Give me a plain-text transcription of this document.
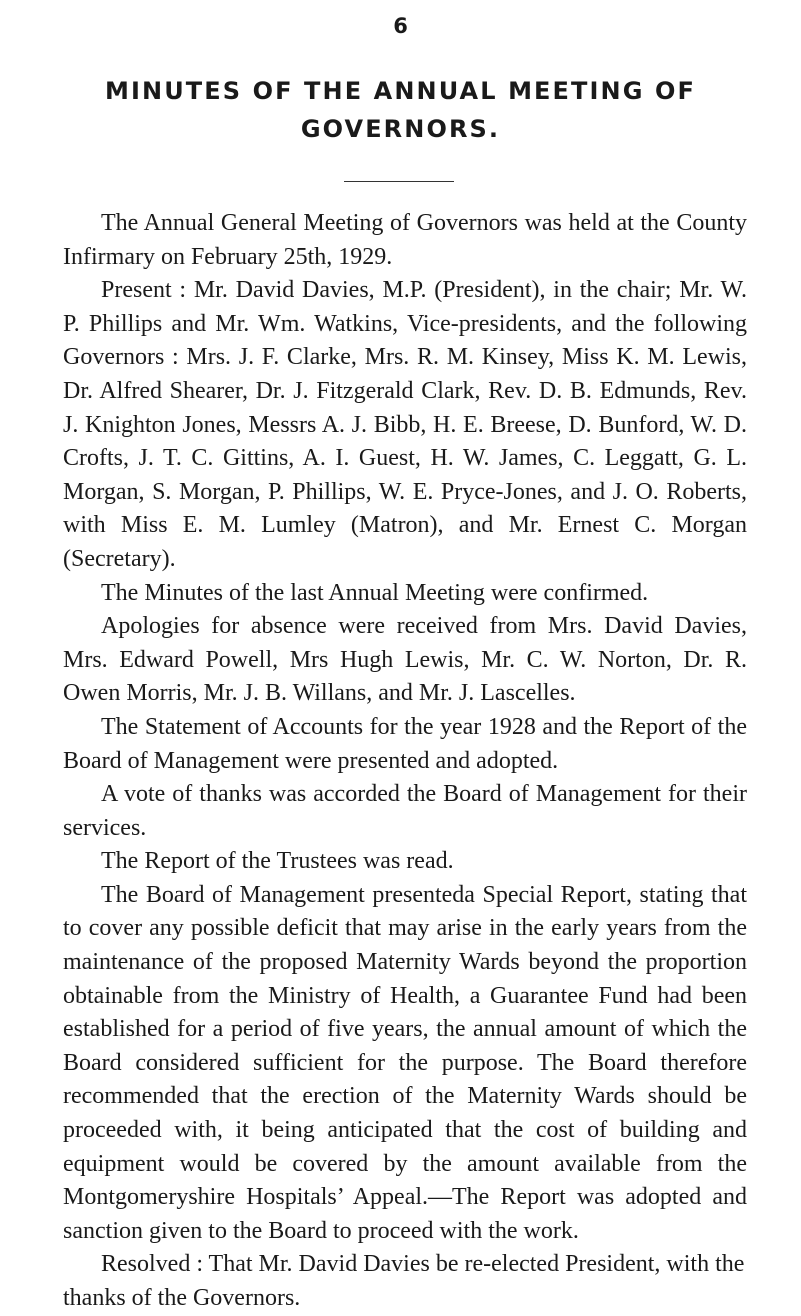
6
MINUTES OF THE ANNUAL MEETING OF
GOVERNORS.

The Annual General Meeting of Governors was held at the County Infirmary on February 25th, 1929.

Present : Mr. David Davies, M.P. (President), in the chair; Mr. W. P. Phillips and Mr. Wm. Watkins, Vice-presidents, and the following Governors : Mrs. J. F. Clarke, Mrs. R. M. Kinsey, Miss K. M. Lewis, Dr. Alfred Shearer, Dr. J. Fitzgerald Clark, Rev. D. B. Edmunds, Rev. J. Knighton Jones, Messrs A. J. Bibb, H. E. Breese, D. Bunford, W. D. Crofts, J. T. C. Gittins, A. I. Guest, H. W. James, C. Leggatt, G. L. Morgan, S. Morgan, P. Phillips, W. E. Pryce-Jones, and J. O. Roberts, with Miss E. M. Lumley (Matron), and Mr. Ernest C. Morgan (Secretary).

The Minutes of the last Annual Meeting were confirmed.

Apologies for absence were received from Mrs. David Davies, Mrs. Edward Powell, Mrs Hugh Lewis, Mr. C. W. Norton, Dr. R. Owen Morris, Mr. J. B. Willans, and Mr. J. Lascelles.

The Statement of Accounts for the year 1928 and the Report of the Board of Management were presented and adopted.

A vote of thanks was accorded the Board of Management for their services.

The Report of the Trustees was read.

The Board of Management presenteda Special Report, stating that to cover any possible deficit that may arise in the early years from the maintenance of the proposed Maternity Wards beyond the proportion obtainable from the Ministry of Health, a Guarantee Fund had been established for a period of five years, the annual amount of which the Board considered sufficient for the purpose. The Board therefore recommended that the erection of the Maternity Wards should be proceeded with, it being anticipated that the cost of building and equipment would be covered by the amount available from the Montgomeryshire Hospitals’ Appeal.—The Report was adopted and sanction given to the Board to proceed with the work.

Resolved : That Mr. David Davies be re-elected President, with the thanks of the Governors.
